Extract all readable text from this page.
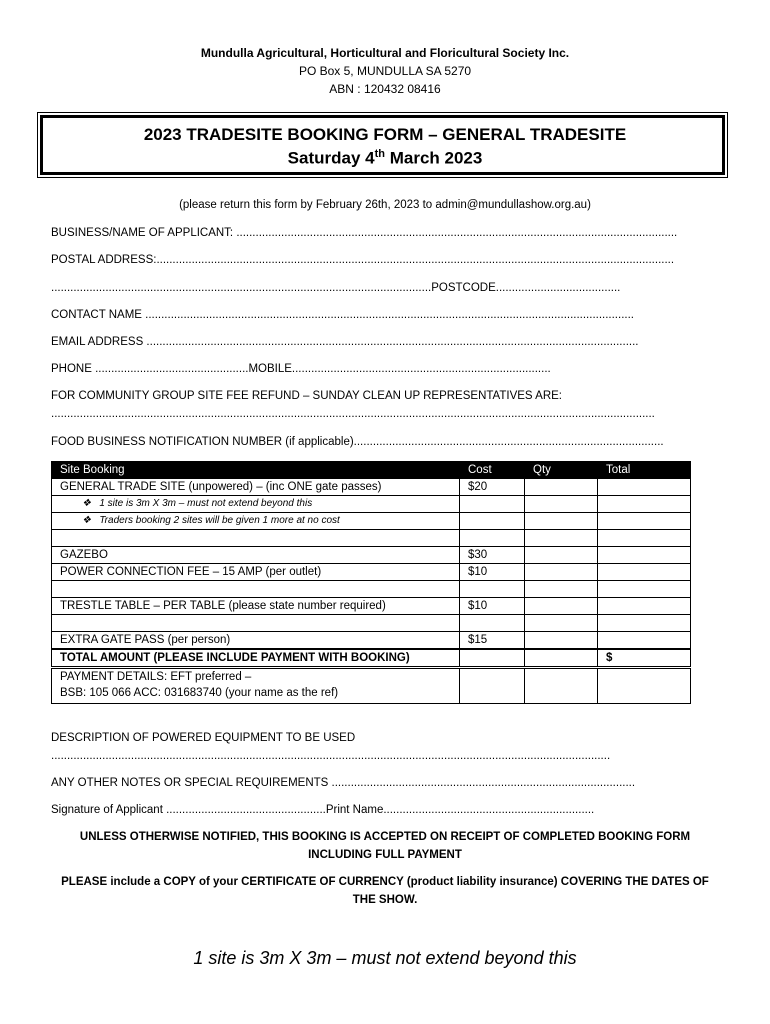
Mundulla Agricultural, Horticultural and Floricultural Society Inc.
PO Box 5, MUNDULLA SA 5270
ABN : 120432 08416
2023 TRADESITE BOOKING FORM – GENERAL TRADESITE
Saturday 4th March 2023
(please return this form by February 26th, 2023 to admin@mundullashow.org.au)
BUSINESS/NAME OF APPLICANT: ..........................................................................................................................................
POSTAL ADDRESS:..................................................................................................................................................................
.......................................................................................................................POSTCODE.......................................
CONTACT NAME .........................................................................................................................................................
EMAIL ADDRESS ..........................................................................................................................................................
PHONE ................................................MOBILE.................................................................................
FOR COMMUNITY GROUP SITE FEE REFUND – SUNDAY CLEAN UP REPRESENTATIVES ARE:
.............................................................................................................................................................................................
FOOD BUSINESS NOTIFICATION NUMBER (if applicable).................................................................................................
Site Booking	Cost	Qty	Total
GENERAL TRADE SITE (unpowered) – (inc ONE gate passes)	$20		
❖ 1 site is 3m X 3m – must not extend beyond this			
❖ Traders booking 2 sites will be given 1 more at no cost			

GAZEBO	$30		
POWER CONNECTION FEE – 15 AMP (per outlet)	$10		

TRESTLE TABLE – PER TABLE (please state number required)	$10		

EXTRA GATE PASS (per person)	$15		
TOTAL AMOUNT (PLEASE INCLUDE PAYMENT WITH BOOKING)			$

PAYMENT DETAILS: EFT preferred –
BSB: 105 066 ACC: 031683740 (your name as the ref)			

DESCRIPTION OF POWERED EQUIPMENT TO BE USED
...............................................................................................................................................................................
ANY OTHER NOTES OR SPECIAL REQUIREMENTS ...............................................................................................
Signature of Applicant ..................................................Print Name..................................................................
UNLESS OTHERWISE NOTIFIED, THIS BOOKING IS ACCEPTED ON RECEIPT OF COMPLETED BOOKING FORM
INCLUDING FULL PAYMENT
PLEASE include a COPY of your CERTIFICATE OF CURRENCY (product liability insurance) COVERING THE DATES OF
THE SHOW.
1 site is 3m X 3m – must not extend beyond this
